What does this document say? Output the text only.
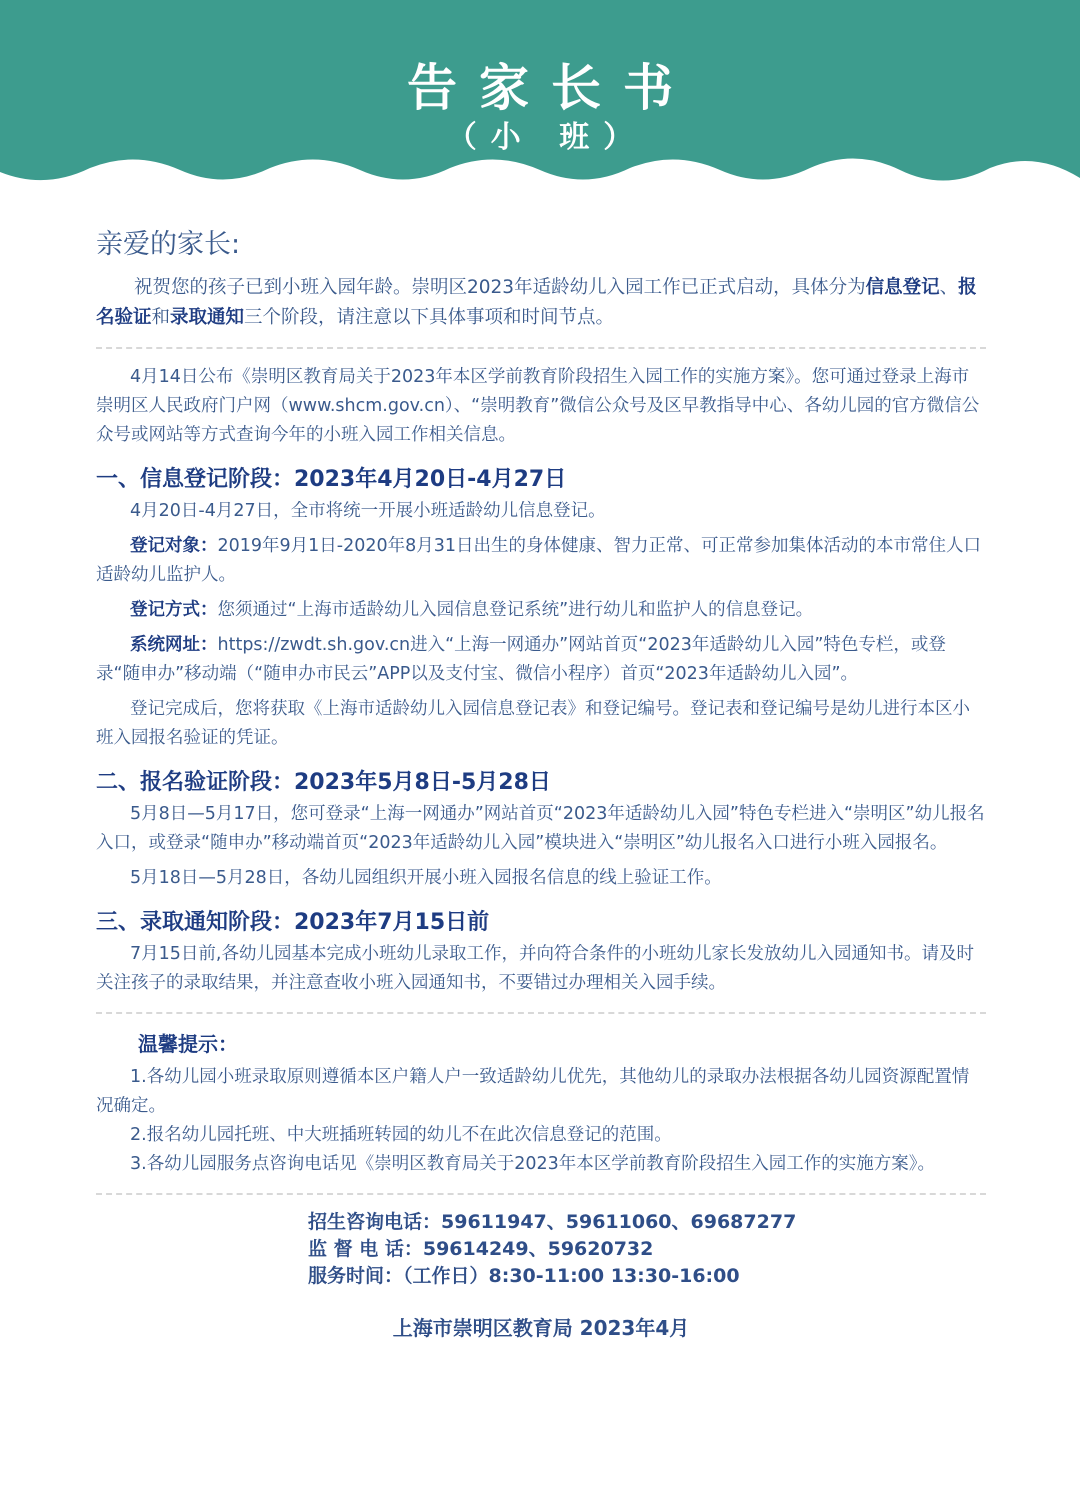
告家长书
（小 班）
亲爱的家长:

祝贺您的孩子已到小班入园年龄。崇明区2023年适龄幼儿入园工作已正式启动，具体分为信息登记、报名验证和录取通知三个阶段，请注意以下具体事项和时间节点。

4月14日公布《崇明区教育局关于2023年本区学前教育阶段招生入园工作的实施方案》。您可通过登录上海市崇明区人民政府门户网（www.shcm.gov.cn）、“崇明教育”微信公众号及区早教指导中心、各幼儿园的官方微信公众号或网站等方式查询今年的小班入园工作相关信息。

一、信息登记阶段：2023年4月20日-4月27日

4月20日-4月27日，全市将统一开展小班适龄幼儿信息登记。

登记对象：2019年9月1日-2020年8月31日出生的身体健康、智力正常、可正常参加集体活动的本市常住人口适龄幼儿监护人。

登记方式：您须通过“上海市适龄幼儿入园信息登记系统”进行幼儿和监护人的信息登记。

系统网址：https://zwdt.sh.gov.cn进入“上海一网通办”网站首页“2023年适龄幼儿入园”特色专栏，或登录“随申办”移动端（“随申办市民云”APP以及支付宝、微信小程序）首页“2023年适龄幼儿入园”。

登记完成后，您将获取《上海市适龄幼儿入园信息登记表》和登记编号。登记表和登记编号是幼儿进行本区小班入园报名验证的凭证。

二、报名验证阶段：2023年5月8日-5月28日

5月8日—5月17日，您可登录“上海一网通办”网站首页“2023年适龄幼儿入园”特色专栏进入“崇明区”幼儿报名入口，或登录“随申办”移动端首页“2023年适龄幼儿入园”模块进入“崇明区”幼儿报名入口进行小班入园报名。

5月18日—5月28日，各幼儿园组织开展小班入园报名信息的线上验证工作。

三、录取通知阶段：2023年7月15日前

7月15日前,各幼儿园基本完成小班幼儿录取工作，并向符合条件的小班幼儿家长发放幼儿入园通知书。请及时关注孩子的录取结果，并注意查收小班入园通知书，不要错过办理相关入园手续。

温馨提示：

1.各幼儿园小班录取原则遵循本区户籍人户一致适龄幼儿优先，其他幼儿的录取办法根据各幼儿园资源配置情况确定。

2.报名幼儿园托班、中大班插班转园的幼儿不在此次信息登记的范围。

3.各幼儿园服务点咨询电话见《崇明区教育局关于2023年本区学前教育阶段招生入园工作的实施方案》。

招生咨询电话：59611947、59611060、69687277
监 督 电 话：59614249、59620732
服务时间：（工作日）8:30-11:00 13:30-16:00
上海市崇明区教育局 2023年4月
